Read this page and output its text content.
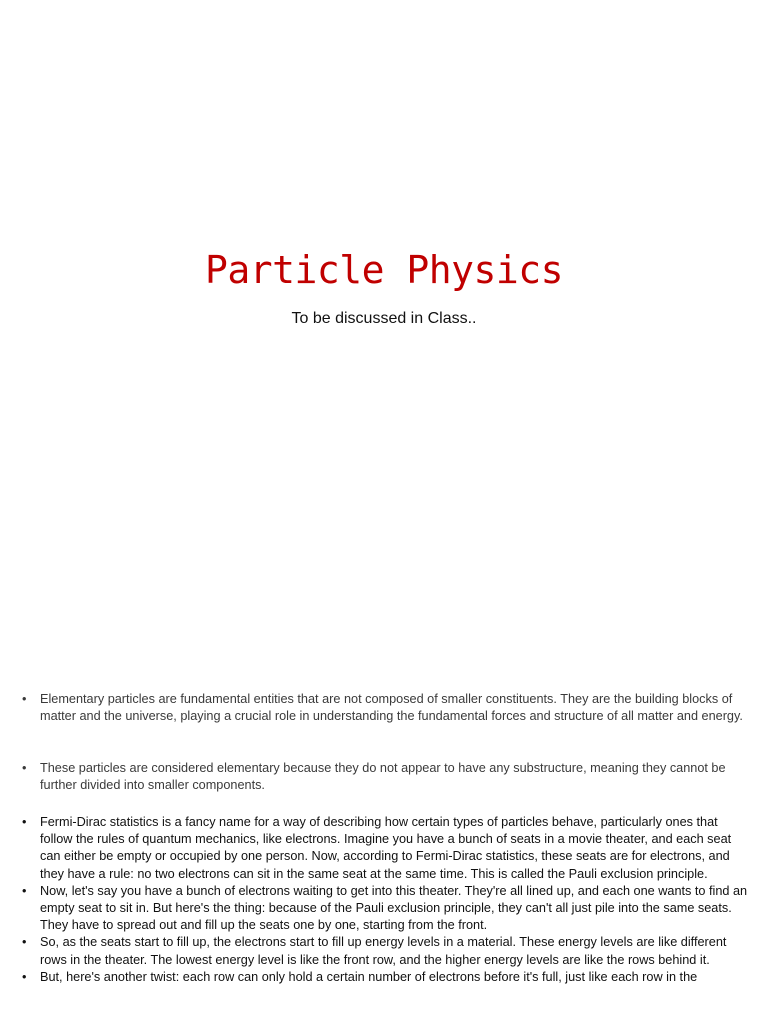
Particle Physics

To be discussed in Class..

• Elementary particles are fundamental entities that are not composed of smaller constituents. They are the building blocks of matter and the universe, playing a crucial role in understanding the fundamental forces and structure of all matter and energy.
• These particles are considered elementary because they do not appear to have any substructure, meaning they cannot be further divided into smaller components.
• Fermi-Dirac statistics is a fancy name for a way of describing how certain types of particles behave, particularly ones that follow the rules of quantum mechanics, like electrons. Imagine you have a bunch of seats in a movie theater, and each seat can either be empty or occupied by one person. Now, according to Fermi-Dirac statistics, these seats are for electrons, and they have a rule: no two electrons can sit in the same seat at the same time. This is called the Pauli exclusion principle.
• Now, let's say you have a bunch of electrons waiting to get into this theater. They're all lined up, and each one wants to find an empty seat to sit in. But here's the thing: because of the Pauli exclusion principle, they can't all just pile into the same seats. They have to spread out and fill up the seats one by one, starting from the front.
• So, as the seats start to fill up, the electrons start to fill up energy levels in a material. These energy levels are like different rows in the theater. The lowest energy level is like the front row, and the higher energy levels are like the rows behind it.
• But, here's another twist: each row can only hold a certain number of electrons before it's full, just like each row in the
